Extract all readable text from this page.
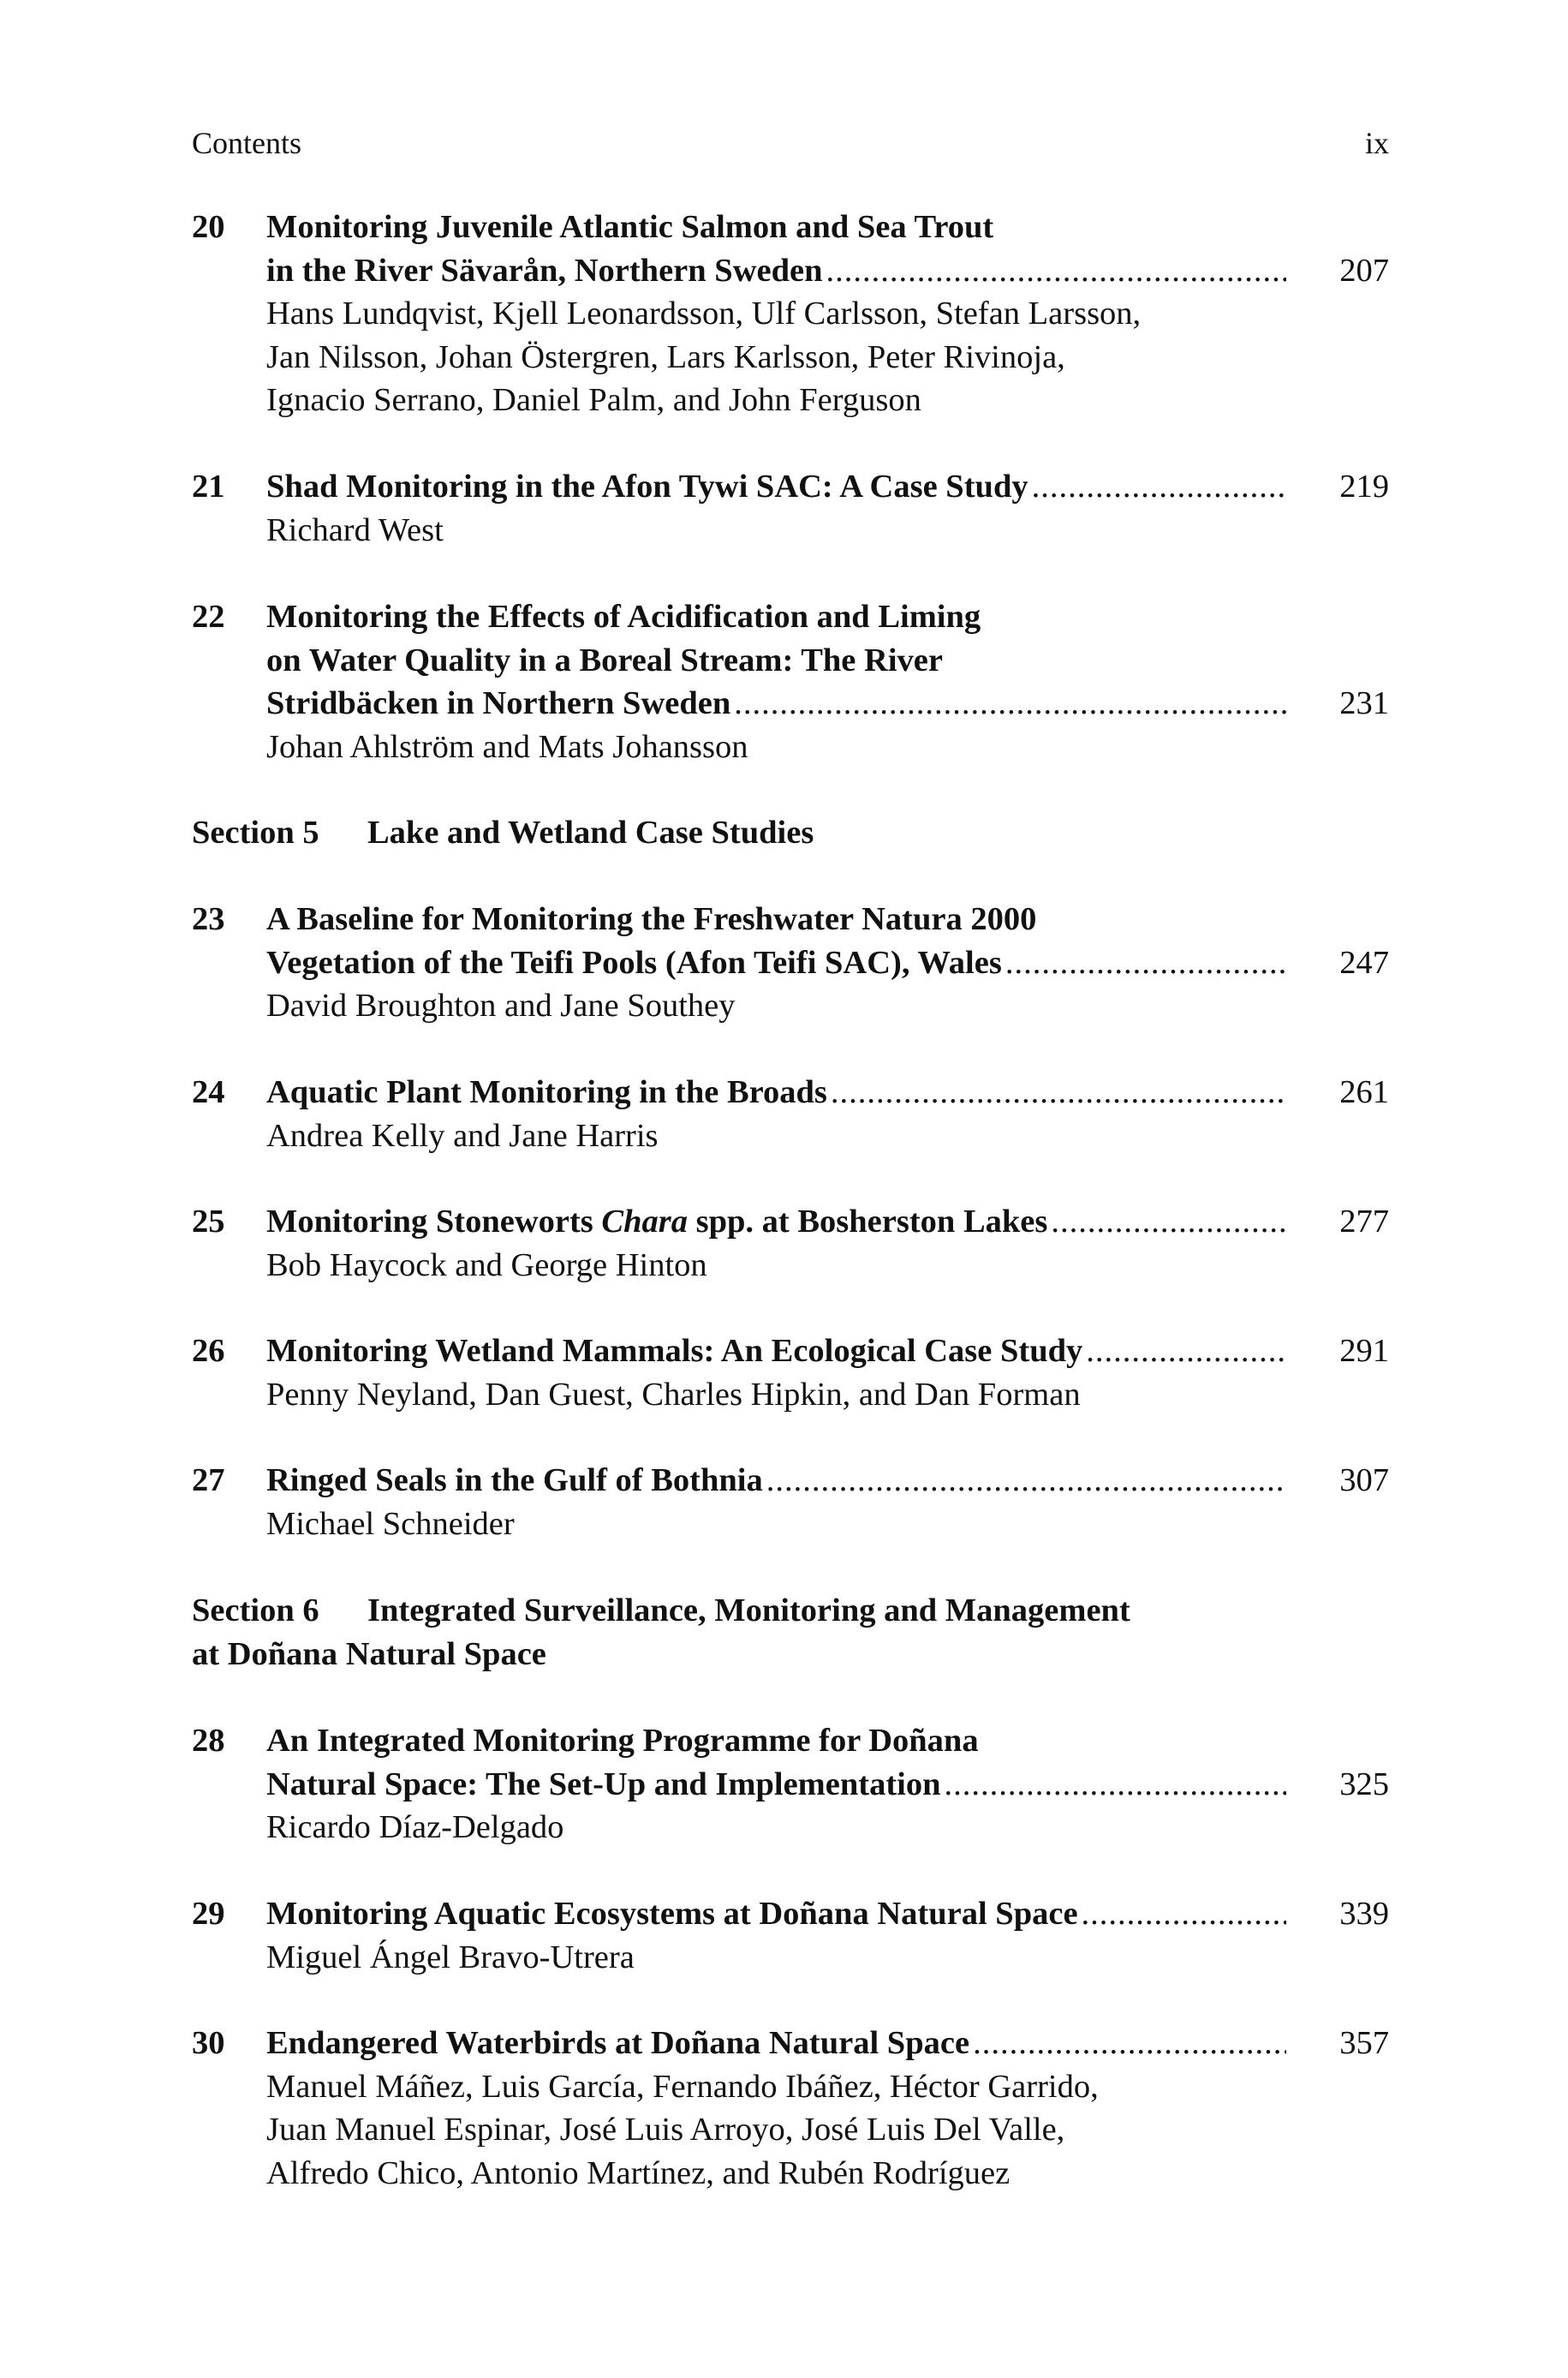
Contents	ix
20 Monitoring Juvenile Atlantic Salmon and Sea Trout
in the River Sävarån, Northern Sweden .....	207
Hans Lundqvist, Kjell Leonardsson, Ulf Carlsson, Stefan Larsson,
Jan Nilsson, Johan Östergren, Lars Karlsson, Peter Rivinoja,
Ignacio Serrano, Daniel Palm, and John Ferguson
21 Shad Monitoring in the Afon Tywi SAC: A Case Study .....	219
Richard West
22 Monitoring the Effects of Acidification and Liming
on Water Quality in a Boreal Stream: The River
Stridbäcken in Northern Sweden .....	231
Johan Ahlström and Mats Johansson
Section 5 Lake and Wetland Case Studies
23 A Baseline for Monitoring the Freshwater Natura 2000
Vegetation of the Teifi Pools (Afon Teifi SAC), Wales .....	247
David Broughton and Jane Southey
24 Aquatic Plant Monitoring in the Broads .....	261
Andrea Kelly and Jane Harris
25 Monitoring Stoneworts Chara spp. at Bosherston Lakes .....	277
Bob Haycock and George Hinton
26 Monitoring Wetland Mammals: An Ecological Case Study .....	291
Penny Neyland, Dan Guest, Charles Hipkin, and Dan Forman
27 Ringed Seals in the Gulf of Bothnia .....	307
Michael Schneider
Section 6 Integrated Surveillance, Monitoring and Management
at Doñana Natural Space
28 An Integrated Monitoring Programme for Doñana
Natural Space: The Set-Up and Implementation .....	325
Ricardo Díaz-Delgado
29 Monitoring Aquatic Ecosystems at Doñana Natural Space .....	339
Miguel Ángel Bravo-Utrera
30 Endangered Waterbirds at Doñana Natural Space .....	357
Manuel Máñez, Luis García, Fernando Ibáñez, Héctor Garrido,
Juan Manuel Espinar, José Luis Arroyo, José Luis Del Valle,
Alfredo Chico, Antonio Martínez, and Rubén Rodríguez
